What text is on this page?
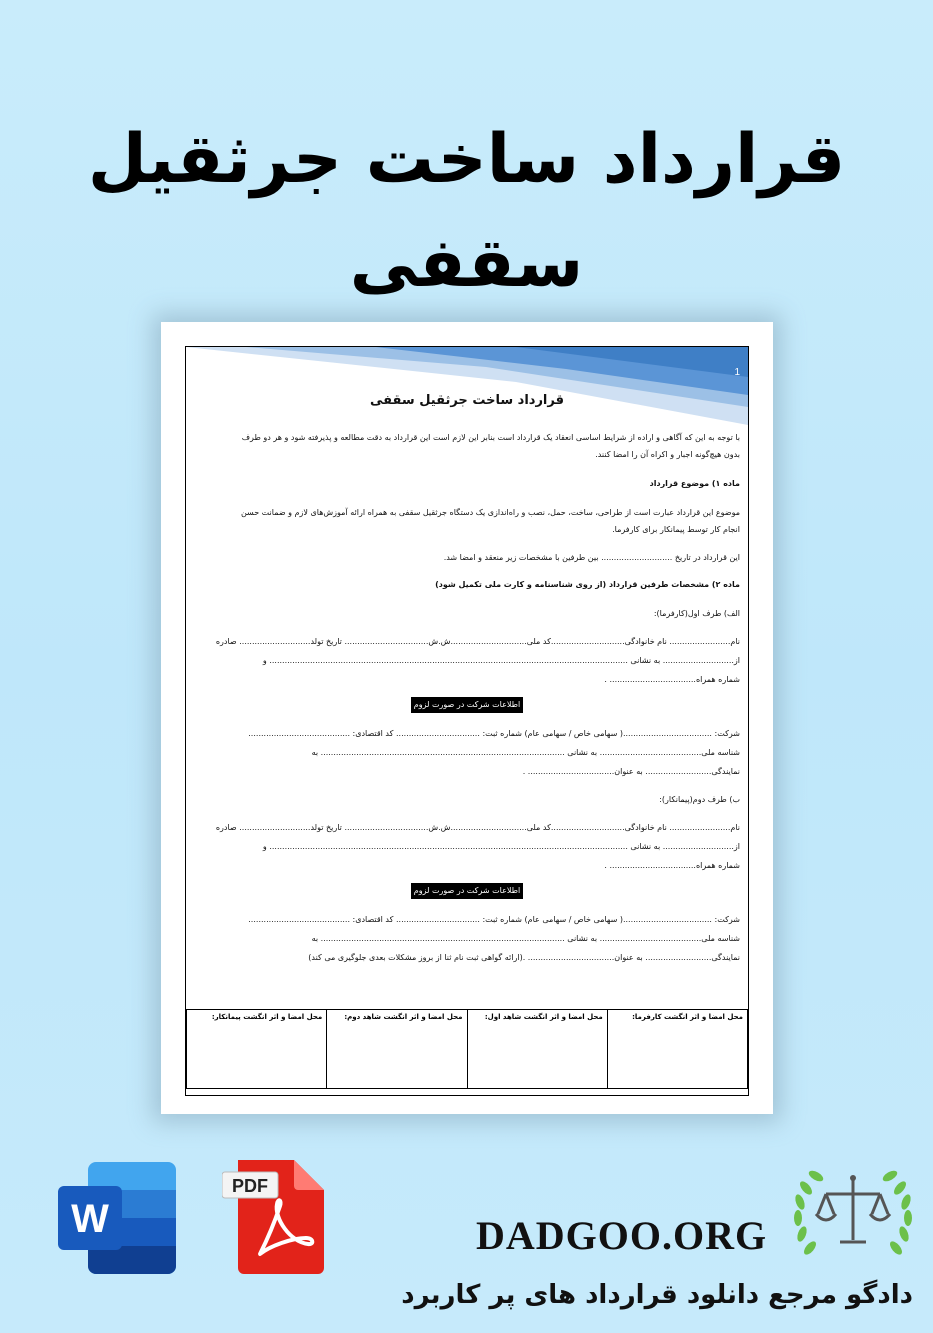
قرارداد ساخت جرثقیل
سقفی
1
قرارداد ساخت جرثقیل سقفی
با توجه به این که آگاهی و اراده از شرایط اساسی انعقاد یک قرارداد است بنابر این لازم است این قرارداد به دقت مطالعه و پذیرفته شود و هر دو طرف
بدون هیچ‌گونه اجبار و اکراه آن را امضا کنند.
ماده ۱) موضوع قرارداد
موضوع این قرارداد عبارت است از طراحی، ساخت، حمل، نصب و راه‌اندازی یک دستگاه جرثقیل سقفی به همراه ارائه آموزش‌های لازم و ضمانت حسن
انجام کار توسط پیمانکار برای کارفرما.
این قرارداد در تاریخ ............................ بین طرفین با مشخصات زیر منعقد و امضا شد.
ماده ۲) مشخصات طرفین قرارداد (از روی شناسنامه و کارت ملی تکمیل شود)
الف) طرف اول(کارفرما):
نام........................ نام خانوادگی.............................کد ملی..............................ش.ش................................. تاریخ تولد............................ صادره
از............................ به نشانی ............................................................................................................................................. و
شماره همراه.................................. .
اطلاعات شرکت در صورت لزوم
شرکت: ...................................( سهامی خاص / سهامی عام) شماره ثبت: ................................. کد اقتصادی: ........................................
شناسه ملی........................................ به نشانی ................................................................................................ به
نمایندگی.......................... به عنوان.................................. .
ب) طرف دوم(پیمانکار):
نام........................ نام خانوادگی.............................کد ملی..............................ش.ش................................. تاریخ تولد............................ صادره
از............................ به نشانی ............................................................................................................................................. و
شماره همراه.................................. .
اطلاعات شرکت در صورت لزوم
شرکت: ...................................( سهامی خاص / سهامی عام) شماره ثبت: ................................. کد اقتصادی: ........................................
شناسه ملی........................................ به نشانی ................................................................................................ به
نمایندگی.......................... به عنوان.................................. .(ارائه گواهی ثبت نام ثنا از بروز مشکلات بعدی جلوگیری می کند)
محل امضا و اثر انگشت کارفرما:	محل امضا و اثر انگشت شاهد اول:	محل امضا و اثر انگشت شاهد دوم:	محل امضا و اثر انگشت پیمانکار:
W
PDF
DADGOO.ORG
دادگو مرجع دانلود قرارداد های پر کاربرد
